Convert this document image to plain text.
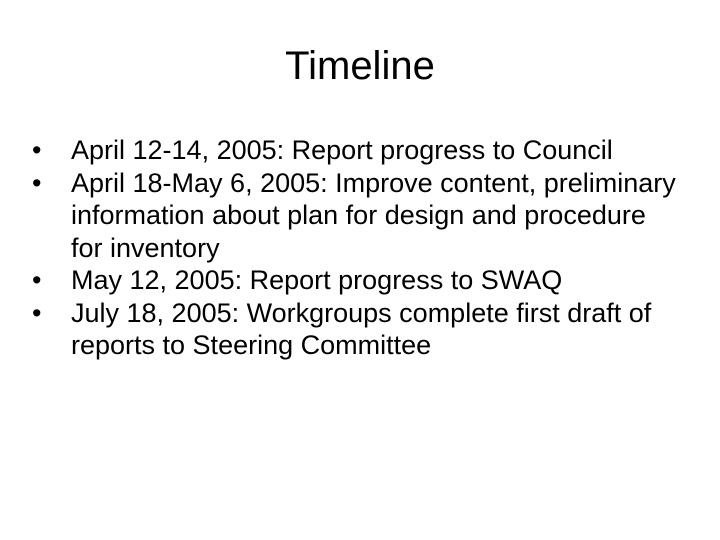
Timeline
•	April 12-14, 2005: Report progress to Council
•	April 18-May 6, 2005: Improve content, preliminary information about plan for design and procedure for inventory
•	May 12, 2005: Report progress to SWAQ
•	July 18, 2005: Workgroups complete first draft of reports to Steering Committee
